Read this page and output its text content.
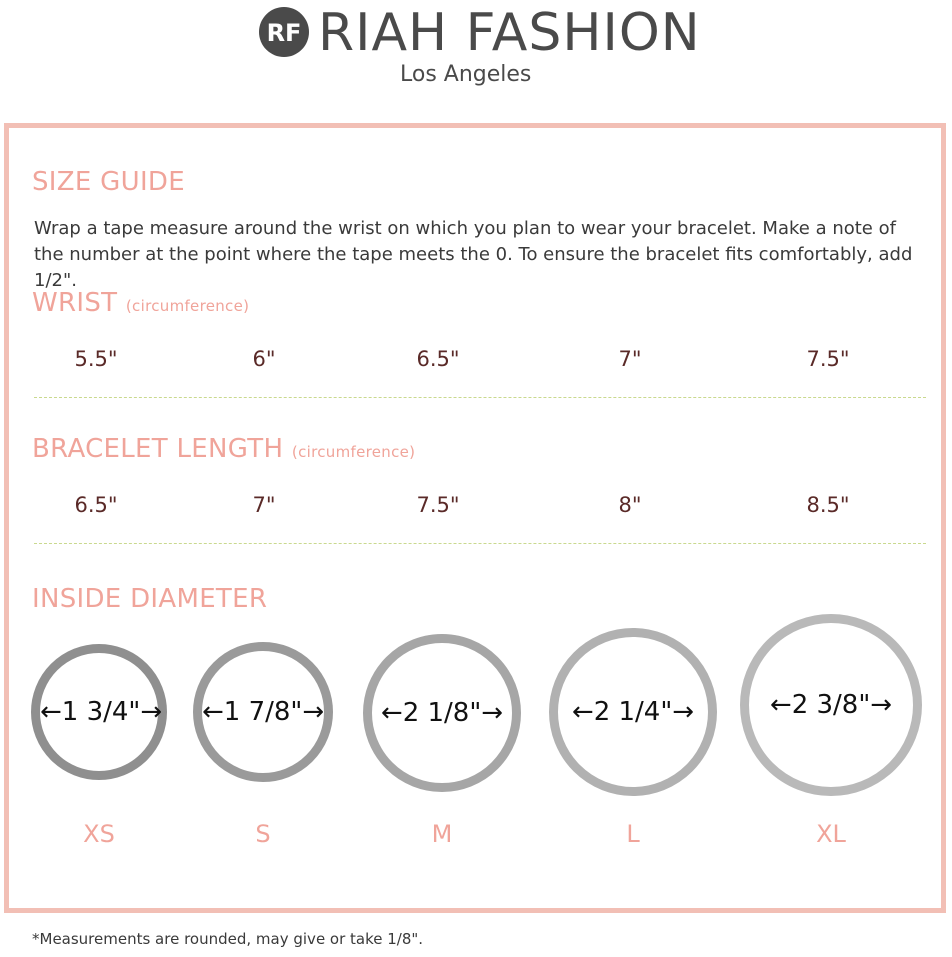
RF RIAH FASHION
Los Angeles
SIZE GUIDE
Wrap a tape measure around the wrist on which you plan to wear your bracelet. Make a note of the number at the point where the tape meets the 0. To ensure the bracelet fits comfortably, add 1/2".
WRIST (circumference)
5.5"	6"	6.5"	7"	7.5"
BRACELET LENGTH (circumference)
6.5"	7"	7.5"	8"	8.5"
INSIDE DIAMETER
←1 3/4"→ ←1 7/8"→	←2 1/8"→	←2 1/4"→	←2 3/8"→
XS	S	M	L	XL
*Measurements are rounded, may give or take 1/8".
